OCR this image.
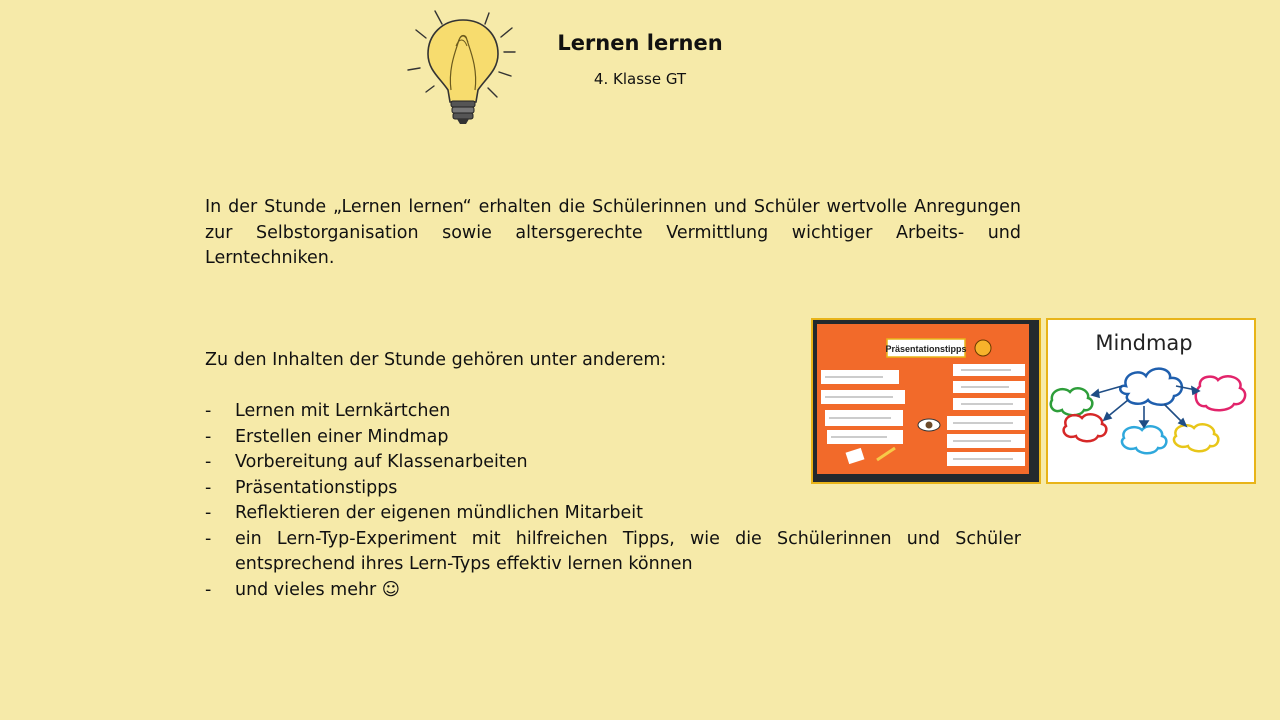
Lernen lernen
4. Klasse GT
In der Stunde „Lernen lernen“ erhalten die Schülerinnen und Schüler wertvolle Anregungen zur Selbstorganisation sowie altersgerechte Vermittlung wichtiger Arbeits- und Lerntechniken.
Zu den Inhalten der Stunde gehören unter anderem:
-	Lernen mit Lernkärtchen
-	Erstellen einer Mindmap
-	Vorbereitung auf Klassenarbeiten
-	Präsentationstipps
-	Reflektieren der eigenen mündlichen Mitarbeit
-	ein Lern-Typ-Experiment mit hilfreichen Tipps, wie die Schülerinnen und Schüler entsprechend ihres Lern-Typs effektiv lernen können
-	und vieles mehr ☺
Präsentationstipps	Mindmap
